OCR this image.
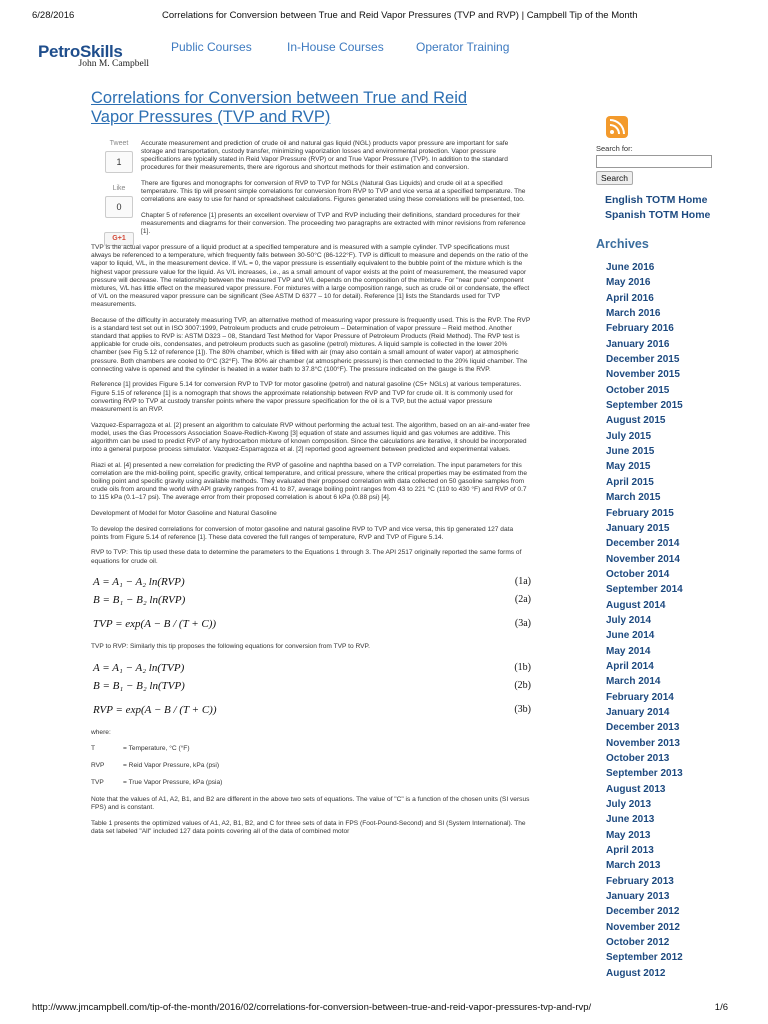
6/28/2016	Correlations for Conversion between True and Reid Vapor Pressures (TVP and RVP) | Campbell Tip of the Month
PetroSkills
John M. Campbell
Public Courses	In-House Courses	Operator Training
Correlations for Conversion between True and Reid Vapor Pressures (TVP and RVP)
Tweet
1
Like
0
G+1

Accurate measurement and prediction of crude oil and natural gas liquid (NGL) products vapor pressure are important for safe storage and transportation, custody transfer, minimizing vaporization losses and environmental protection. Vapor pressure specifications are typically stated in Reid Vapor Pressure (RVP) or and True Vapor Pressure (TVP). In addition to the standard procedures for their measurements, there are rigorous and shortcut methods for their estimation and conversion.

There are figures and monographs for conversion of RVP to TVP for NGLs (Natural Gas Liquids) and crude oil at a specified temperature. This tip will present simple correlations for conversion from RVP to TVP and vice versa at a specified temperature. The correlations are easy to use for hand or spreadsheet calculations. Figures generated using these correlations will be presented, too.

Chapter 5 of reference [1] presents an excellent overview of TVP and RVP including their definitions, standard procedures for their measurements and diagrams for their conversion. The proceeding two paragraphs are extracted with minor revisions from reference [1].

TVP is the actual vapor pressure of a liquid product at a specified temperature and is measured with a sample cylinder. TVP specifications must always be referenced to a temperature, which frequently falls between 30-50°C (86-122°F). TVP is difficult to measure and depends on the ratio of the vapor to liquid, V/L, in the measurement device. If V/L = 0, the vapor pressure is essentially equivalent to the bubble point of the mixture which is the highest vapor pressure value for the liquid. As V/L increases, i.e., as a small amount of vapor exists at the point of measurement, the measured vapor pressure will decrease. The relationship between the measured TVP and V/L depends on the composition of the mixture. For "near pure" component mixtures, V/L has little effect on the measured vapor pressure. For mixtures with a large composition range, such as crude oil or condensate, the effect of V/L on the measured vapor pressure can be significant (See ASTM D 6377 – 10 for detail). Reference [1] lists the Standards used for TVP measurements.

Because of the difficulty in accurately measuring TVP, an alternative method of measuring vapor pressure is frequently used. This is the RVP. The RVP is a standard test set out in ISO 3007:1999, Petroleum products and crude petroleum – Determination of vapor pressure – Reid method. Another standard that applies to RVP is: ASTM D323 – 08, Standard Test Method for Vapor Pressure of Petroleum Products (Reid Method). The RVP test is applicable for crude oils, condensates, and petroleum products such as gasoline (petrol) mixtures. A liquid sample is collected in the lower 20% chamber (see Fig 5.12 of reference [1]). The 80% chamber, which is filled with air (may also contain a small amount of water vapor) at atmospheric pressure. Both chambers are cooled to 0°C (32°F). The 80% air chamber (at atmospheric pressure) is then connected to the 20% liquid chamber. The connecting valve is opened and the cylinder is heated in a water bath to 37.8°C (100°F). The pressure indicated on the gauge is the RVP.

Reference [1] provides Figure 5.14 for conversion RVP to TVP for motor gasoline (petrol) and natural gasoline (C5+ NGLs) at various temperatures. Figure 5.15 of reference [1] is a nomograph that shows the approximate relationship between RVP and TVP for crude oil. It is commonly used for converting RVP to TVP at custody transfer points where the vapor pressure specification for the oil is a TVP, but the actual vapor pressure measurement is an RVP.

Vazquez-Esparragoza et al. [2] present an algorithm to calculate RVP without performing the actual test. The algorithm, based on an air-and-water free model, uses the Gas Processors Association Soave-Redlich-Kwong [3] equation of state and assumes liquid and gas volumes are additive. This algorithm can be used to predict RVP of any hydrocarbon mixture of known composition. Since the calculations are iterative, it should be incorporated into a general purpose process simulator. Vazquez-Esparragoza et al. [2] reported good agreement between predicted and experimental values.

Riazi et al. [4] presented a new correlation for predicting the RVP of gasoline and naphtha based on a TVP correlation. The input parameters for this correlation are the mid-boiling point, specific gravity, critical temperature, and critical pressure, where the critical properties may be estimated from the boiling point and specific gravity using available methods. They evaluated their proposed correlation with data collected on 50 gasoline samples from crude oils from around the world with API gravity ranges from 41 to 87, average boiling point ranges from 43 to 221 °C (110 to 430 °F) and RVP of 0.7 to 115 kPa (0.1–17 psi). The average error from their proposed correlation is about 6 kPa (0.88 psi) [4].

Development of Model for Motor Gasoline and Natural Gasoline

To develop the desired correlations for conversion of motor gasoline and natural gasoline RVP to TVP and vice versa, this tip generated 127 data points from Figure 5.14 of reference [1]. These data covered the full ranges of temperature, RVP and TVP of Figure 5.14.

RVP to TVP: This tip used these data to determine the parameters to the Equations 1 through 3. The API 2517 originally reported the same forms of equations for crude oil.

A = A₁ − A₂ ln(RVP)	(1a)
B = B₁ − B₂ ln(RVP)	(2a)
TVP = exp(A − B / (T + C))	(3a)

TVP to RVP: Similarly this tip proposes the following equations for conversion from TVP to RVP.

A = A₁ − A₂ ln(TVP)	(1b)
B = B₁ − B₂ ln(TVP)	(2b)
RVP = exp(A − B / (T + C))	(3b)

where:

T	= Temperature, °C (°F)
RVP	= Reid Vapor Pressure, kPa (psi)
TVP	= True Vapor Pressure, kPa (psia)

Note that the values of A1, A2, B1, and B2 are different in the above two sets of equations. The value of "C" is a function of the chosen units (SI versus FPS) and is constant.

Table 1 presents the optimized values of A1, A2, B1, B2, and C for three sets of data in FPS (Foot-Pound-Second) and SI (System International). The data set labeled "All" included 127 data points covering all of the data of combined motor

Search for:
Search
English TOTM Home
Spanish TOTM Home
Archives
June 2016
May 2016
April 2016
March 2016
February 2016
January 2016
December 2015
November 2015
October 2015
September 2015
August 2015
July 2015
June 2015
May 2015
April 2015
March 2015
February 2015
January 2015
December 2014
November 2014
October 2014
September 2014
August 2014
July 2014
June 2014
May 2014
April 2014
March 2014
February 2014
January 2014
December 2013
November 2013
October 2013
September 2013
August 2013
July 2013
June 2013
May 2013
April 2013
March 2013
February 2013
January 2013
December 2012
November 2012
October 2012
September 2012
August 2012
http://www.jmcampbell.com/tip-of-the-month/2016/02/correlations-for-conversion-between-true-and-reid-vapor-pressures-tvp-and-rvp/	1/6
